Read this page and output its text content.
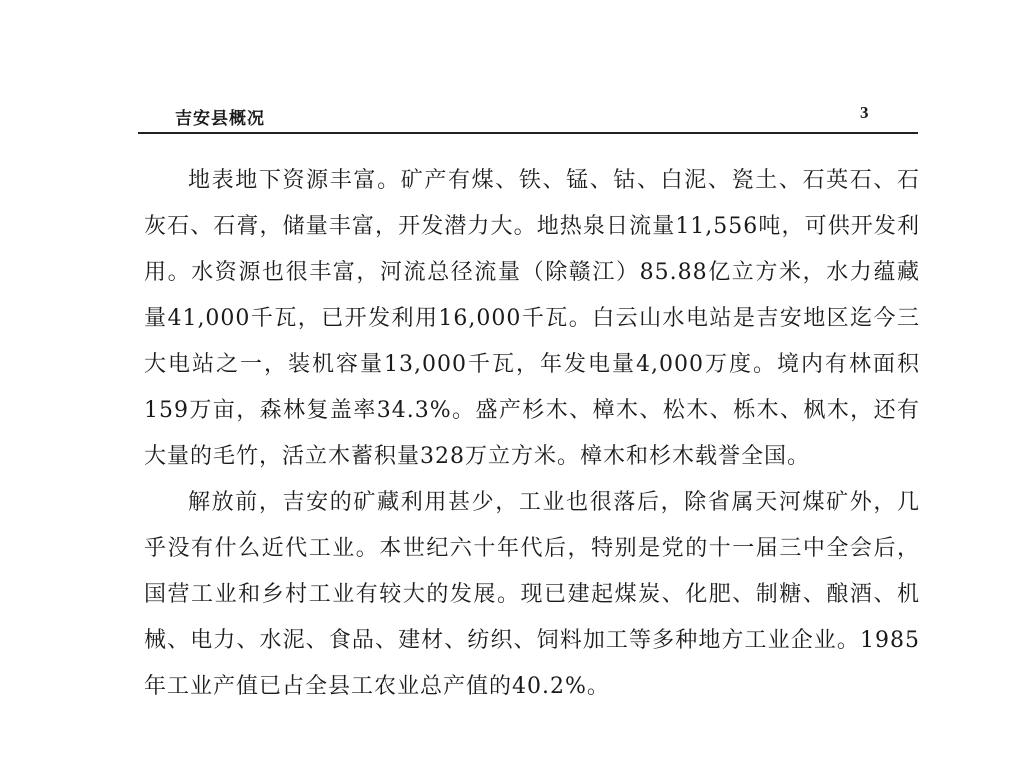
吉安县概况	3

地表地下资源丰富。矿产有煤、铁、锰、钴、白泥、瓷土、石英石、石灰石、石膏，储量丰富，开发潜力大。地热泉日流量11,556吨，可供开发利用。水资源也很丰富，河流总径流量（除赣江）85.88亿立方米，水力蕴藏量41,000千瓦，已开发利用16,000千瓦。白云山水电站是吉安地区迄今三大电站之一，装机容量13,000千瓦，年发电量4,000万度。境内有林面积159万亩，森林复盖率34.3%。盛产杉木、樟木、松木、栎木、枫木，还有大量的毛竹，活立木蓄积量328万立方米。樟木和杉木载誉全国。

解放前，吉安的矿藏利用甚少，工业也很落后，除省属天河煤矿外，几乎没有什么近代工业。本世纪六十年代后，特别是党的十一届三中全会后，国营工业和乡村工业有较大的发展。现已建起煤炭、化肥、制糖、酿酒、机械、电力、水泥、食品、建材、纺织、饲料加工等多种地方工业企业。1985年工业产值已占全县工农业总产值的40.2%。
